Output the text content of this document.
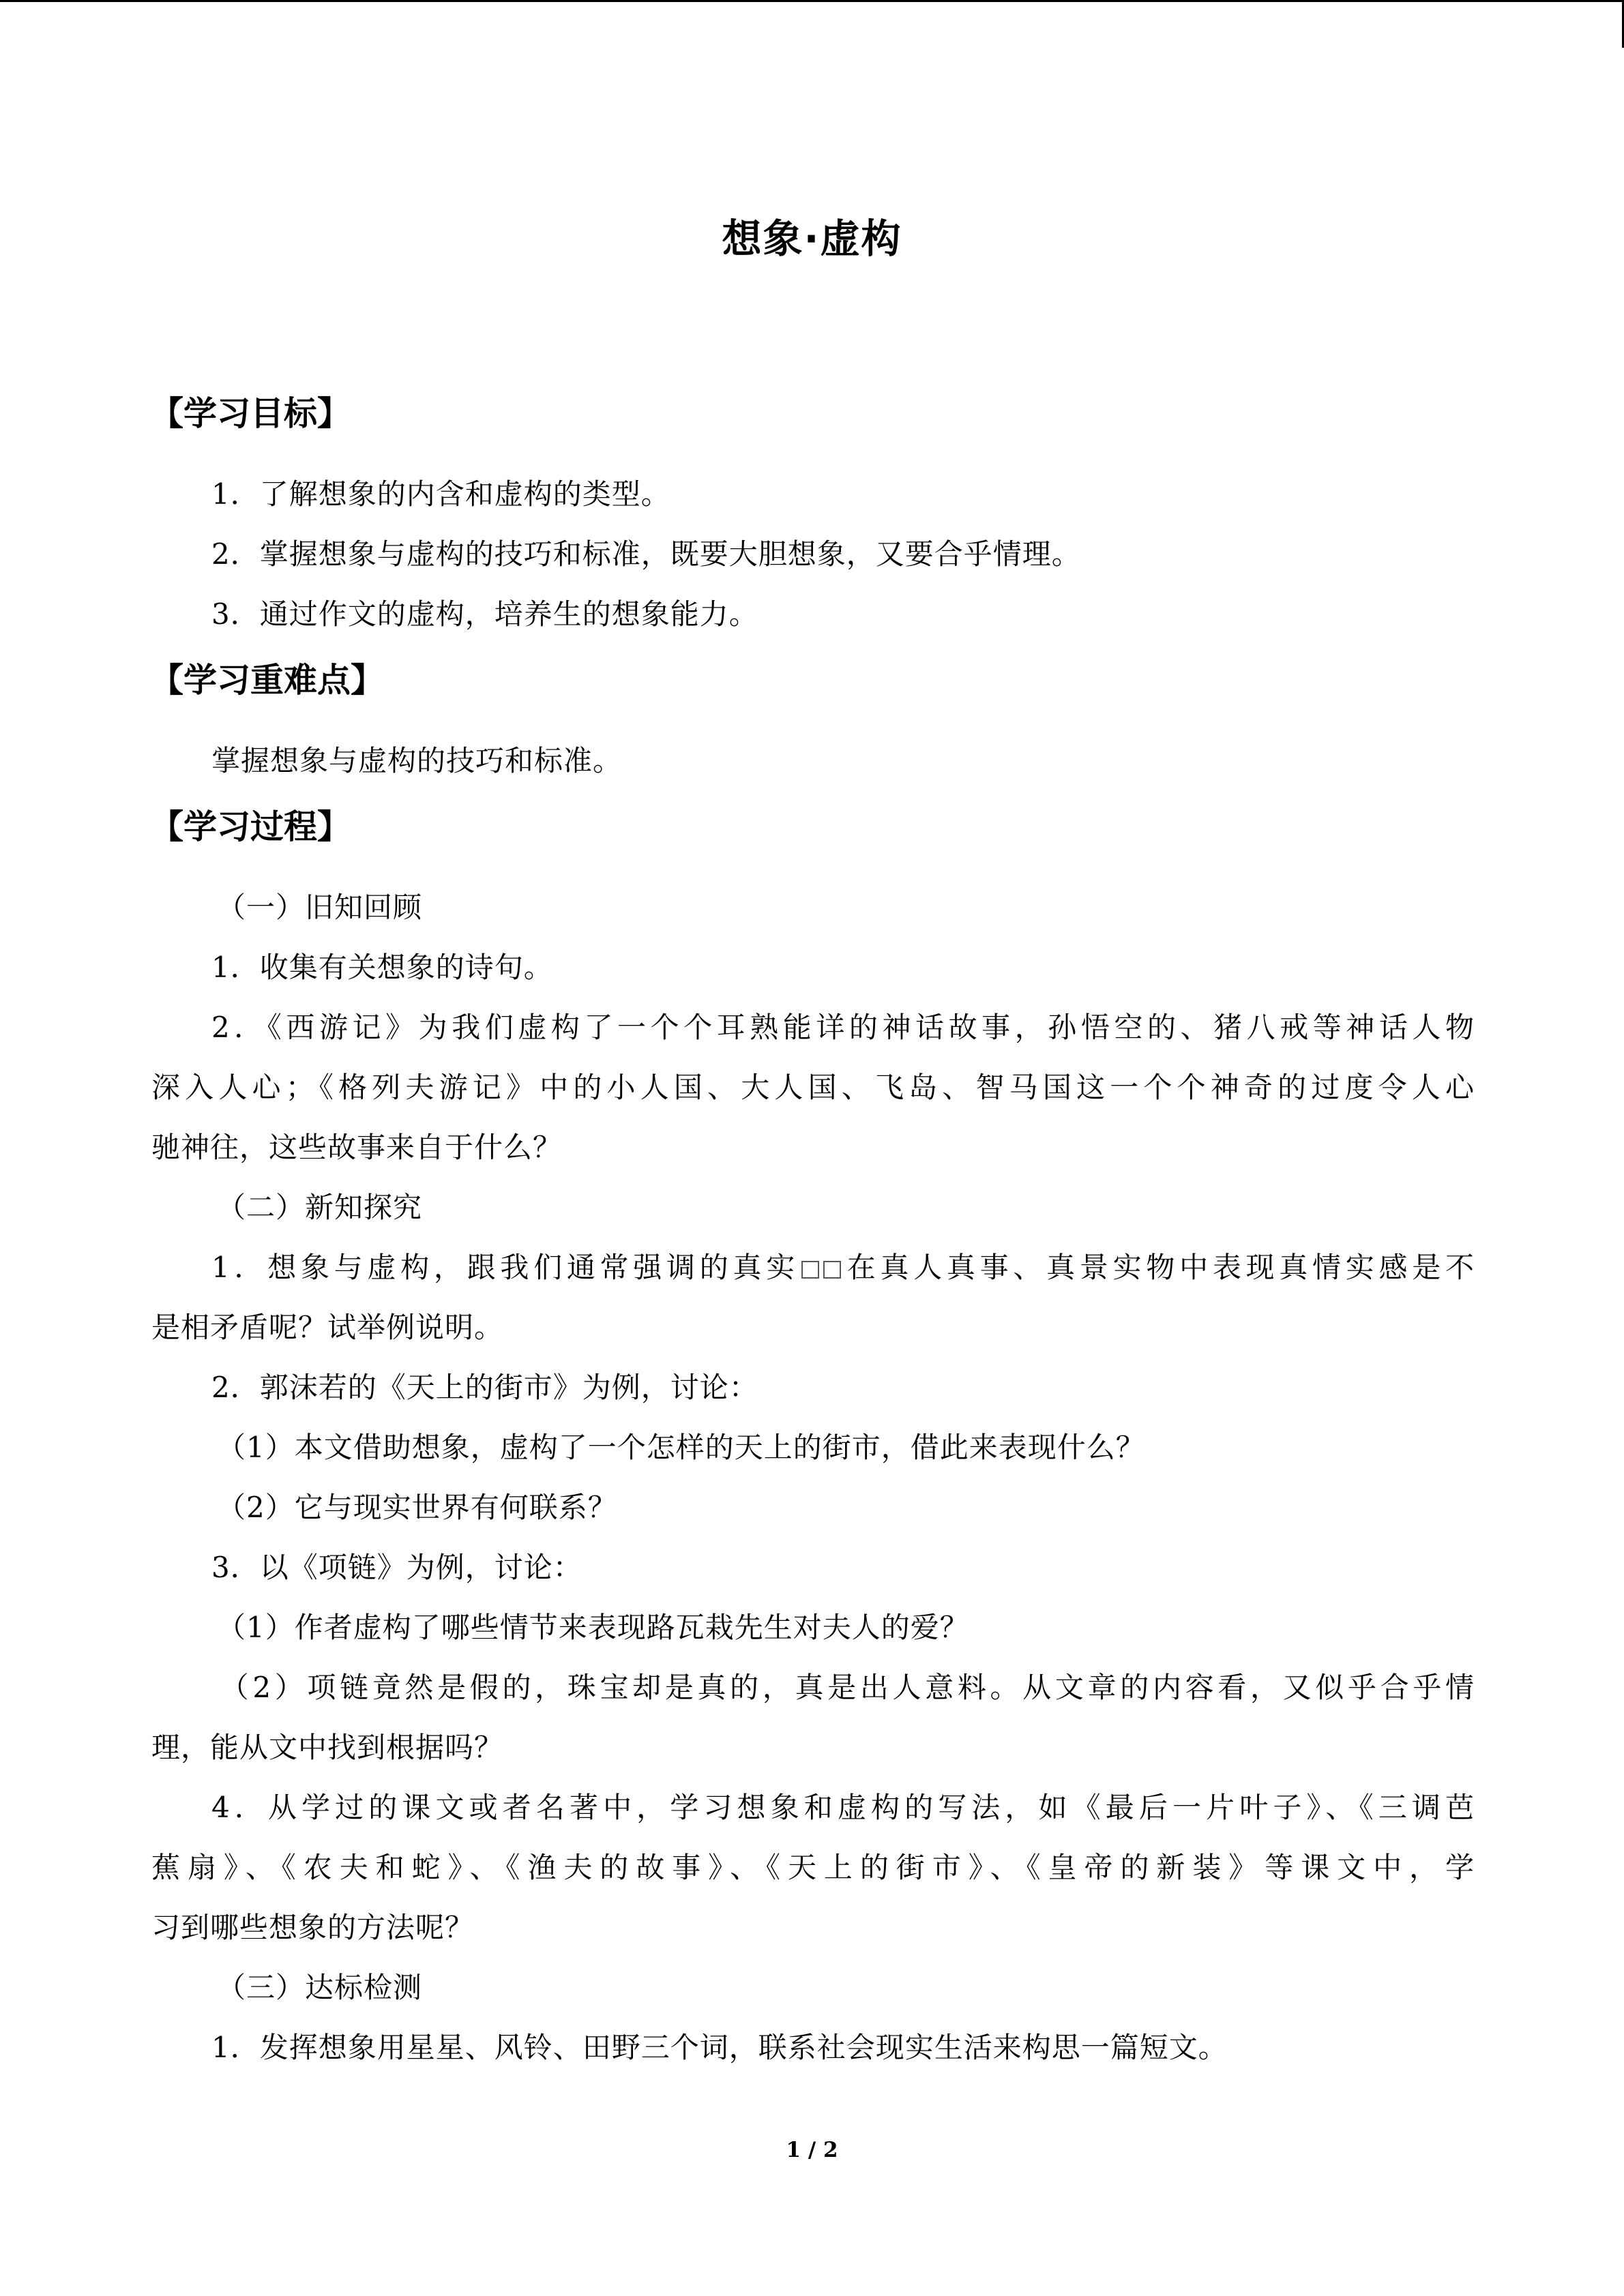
想象·虚构
【学习目标】
1．了解想象的内含和虚构的类型。
2．掌握想象与虚构的技巧和标准，既要大胆想象，又要合乎情理。
3．通过作文的虚构，培养生的想象能力。
【学习重难点】
掌握想象与虚构的技巧和标准。
【学习过程】
（一）旧知回顾
1．收集有关想象的诗句。
2．《西游记》为我们虚构了一个个耳熟能详的神话故事，孙悟空的、猪八戒等神话人物
深入人心；《格列夫游记》中的小人国、大人国、飞岛、智马国这一个个神奇的过度令人心
驰神往，这些故事来自于什么？
（二）新知探究
1．想象与虚构，跟我们通常强调的真实 在真人真事、真景实物中表现真情实感是不
是相矛盾呢？试举例说明。
2．郭沫若的《天上的街市》为例，讨论：
（1）本文借助想象，虚构了一个怎样的天上的街市，借此来表现什么？
（2）它与现实世界有何联系？
3．以《项链》为例，讨论：
（1）作者虚构了哪些情节来表现路瓦栽先生对夫人的爱？
（2）项链竟然是假的，珠宝却是真的，真是出人意料。从文章的内容看，又似乎合乎情
理，能从文中找到根据吗？
4．从学过的课文或者名著中，学习想象和虚构的写法，如《最后一片叶子》、《三调芭
蕉扇》、《农夫和蛇》、《渔夫的故事》、《天上的街市》、《皇帝的新装》等课文中，学
习到哪些想象的方法呢？
（三）达标检测
1．发挥想象用星星、风铃、田野三个词，联系社会现实生活来构思一篇短文。
1 / 2
